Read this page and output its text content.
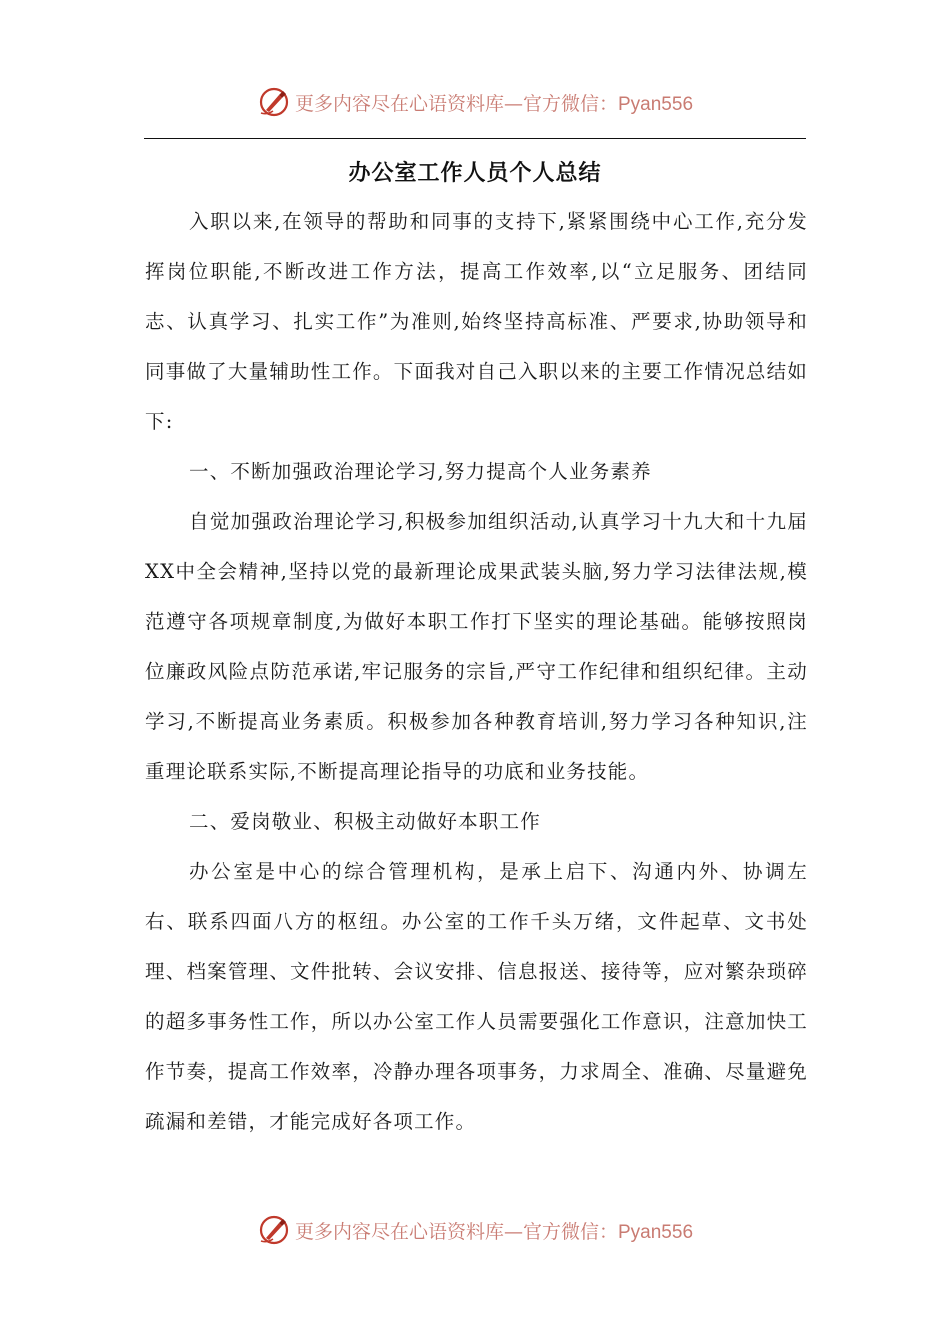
更多内容尽在心语资料库—官方微信：Pyan556
办公室工作人员个人总结

入职以来,在领导的帮助和同事的支持下,紧紧围绕中心工作,充分发挥岗位职能,不断改进工作方法，提高工作效率,以“立足服务、团结同志、认真学习、扎实工作”为准则,始终坚持高标准、严要求,协助领导和同事做了大量辅助性工作。下面我对自己入职以来的主要工作情况总结如下:

一、不断加强政治理论学习,努力提高个人业务素养

自觉加强政治理论学习,积极参加组织活动,认真学习十九大和十九届XX中全会精神,坚持以党的最新理论成果武装头脑,努力学习法律法规,模范遵守各项规章制度,为做好本职工作打下坚实的理论基础。能够按照岗位廉政风险点防范承诺,牢记服务的宗旨,严守工作纪律和组织纪律。主动学习,不断提高业务素质。积极参加各种教育培训,努力学习各种知识,注重理论联系实际,不断提高理论指导的功底和业务技能。

二、爱岗敬业、积极主动做好本职工作

办公室是中心的综合管理机构，是承上启下、沟通内外、协调左右、联系四面八方的枢纽。办公室的工作千头万绪，文件起草、文书处理、档案管理、文件批转、会议安排、信息报送、接待等，应对繁杂琐碎的超多事务性工作，所以办公室工作人员需要强化工作意识，注意加快工作节奏，提高工作效率，冷静办理各项事务，力求周全、准确、尽量避免疏漏和差错，才能完成好各项工作。

更多内容尽在心语资料库—官方微信：Pyan556
